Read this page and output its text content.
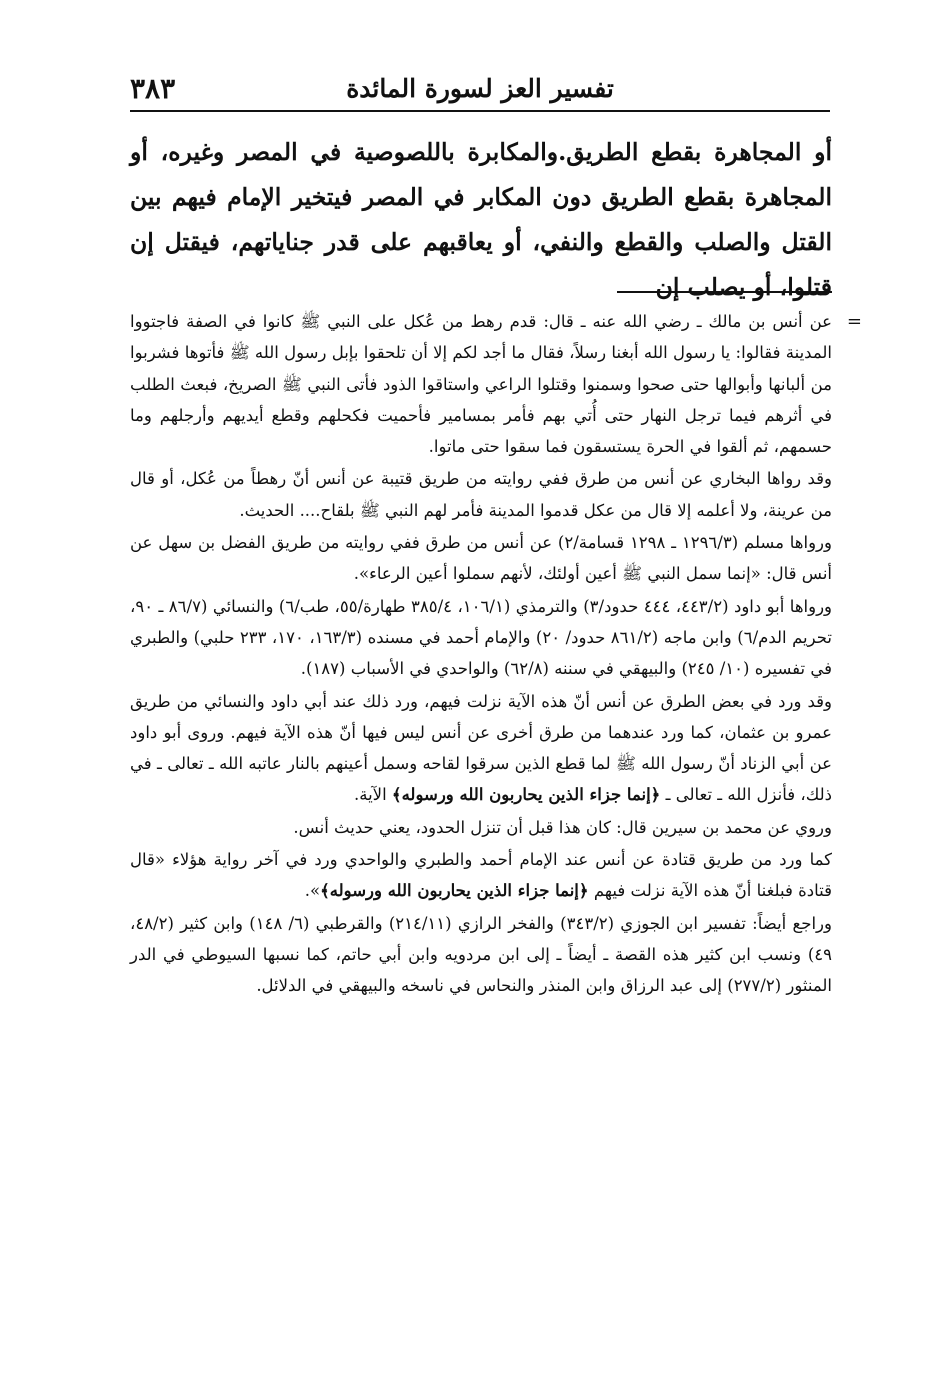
تفسير العز لسورة المائدة
٣٨٣

أو المجاهرة بقطع الطريق.والمكابرة باللصوصية في المصر وغيره، أو المجاهرة بقطع الطريق دون المكابر في المصر فيتخير الإمام فيهم بين القتل والصلب والقطع والنفي، أو يعاقبهم على قدر جناياتهم، فيقتل إن قتلوا، أو يصلب إن

=

عن أنس بن مالك ـ رضي الله عنه ـ قال: قدم رهط من عُكل على النبي ﷺ كانوا في الصفة فاجتووا المدينة فقالوا: يا رسول الله أبغنا رسلاً، فقال ما أجد لكم إلا أن تلحقوا بإبل رسول الله ﷺ فأتوها فشربوا من ألبانها وأبوالها حتى صحوا وسمنوا وقتلوا الراعي واستاقوا الذود فأتى النبي ﷺ الصريخ، فبعث الطلب في أثرهم فيما ترجل النهار حتى أُتي بهم فأمر بمسامير فأحميت فكحلهم وقطع أيديهم وأرجلهم وما حسمهم، ثم ألقوا في الحرة يستسقون فما سقوا حتى ماتوا.

وقد رواها البخاري عن أنس من طرق ففي روايته من طريق قتيبة عن أنس أنّ رهطاً من عُكل، أو قال من عرينة، ولا أعلمه إلا قال من عكل قدموا المدينة فأمر لهم النبي ﷺ بلقاح.... الحديث.

ورواها مسلم (١٢٩٦/٣ ـ ١٢٩٨ قسامة/٢) عن أنس من طرق ففي روايته من طريق الفضل بن سهل عن أنس قال: «إنما سمل النبي ﷺ أعين أولئك، لأنهم سملوا أعين الرعاء».

ورواها أبو داود (٤٤٣/٢، ٤٤٤ حدود/٣) والترمذي (١٠٦/١، ٣٨٥/٤ طهارة/٥٥، طب/٦) والنسائي (٨٦/٧ ـ ٩٠، تحريم الدم/٦) وابن ماجه (٨٦١/٢ حدود/ ٢٠) والإمام أحمد في مسنده (١٦٣/٣، ١٧٠، ٢٣٣ حلبي) والطبري في تفسيره (١٠/ ٢٤٥) والبيهقي في سننه (٦٢/٨) والواحدي في الأسباب (١٨٧).

وقد ورد في بعض الطرق عن أنس أنّ هذه الآية نزلت فيهم، ورد ذلك عند أبي داود والنسائي من طريق عمرو بن عثمان، كما ورد عندهما من طرق أخرى عن أنس ليس فيها أنّ هذه الآية فيهم. وروى أبو داود عن أبي الزناد أنّ رسول الله ﷺ لما قطع الذين سرقوا لقاحه وسمل أعينهم بالنار عاتبه الله ـ تعالى ـ في ذلك، فأنزل الله ـ تعالى ـ ﴿إنما جزاء الذين يحاربون الله ورسوله﴾ الآية.

وروي عن محمد بن سيرين قال: كان هذا قبل أن تنزل الحدود، يعني حديث أنس.

كما ورد من طريق قتادة عن أنس عند الإمام أحمد والطبري والواحدي ورد في آخر رواية هؤلاء «قال قتادة فبلغنا أنّ هذه الآية نزلت فيهم ﴿إنما جزاء الذين يحاربون الله ورسوله﴾».

وراجع أيضاً: تفسير ابن الجوزي (٣٤٣/٢) والفخر الرازي (٢١٤/١١) والقرطبي (٦/ ١٤٨) وابن كثير (٤٨/٢، ٤٩) ونسب ابن كثير هذه القصة ـ أيضاً ـ إلى ابن مردويه وابن أبي حاتم، كما نسبها السيوطي في الدر المنثور (٢٧٧/٢) إلى عبد الرزاق وابن المنذر والنحاس في ناسخه والبيهقي في الدلائل.
